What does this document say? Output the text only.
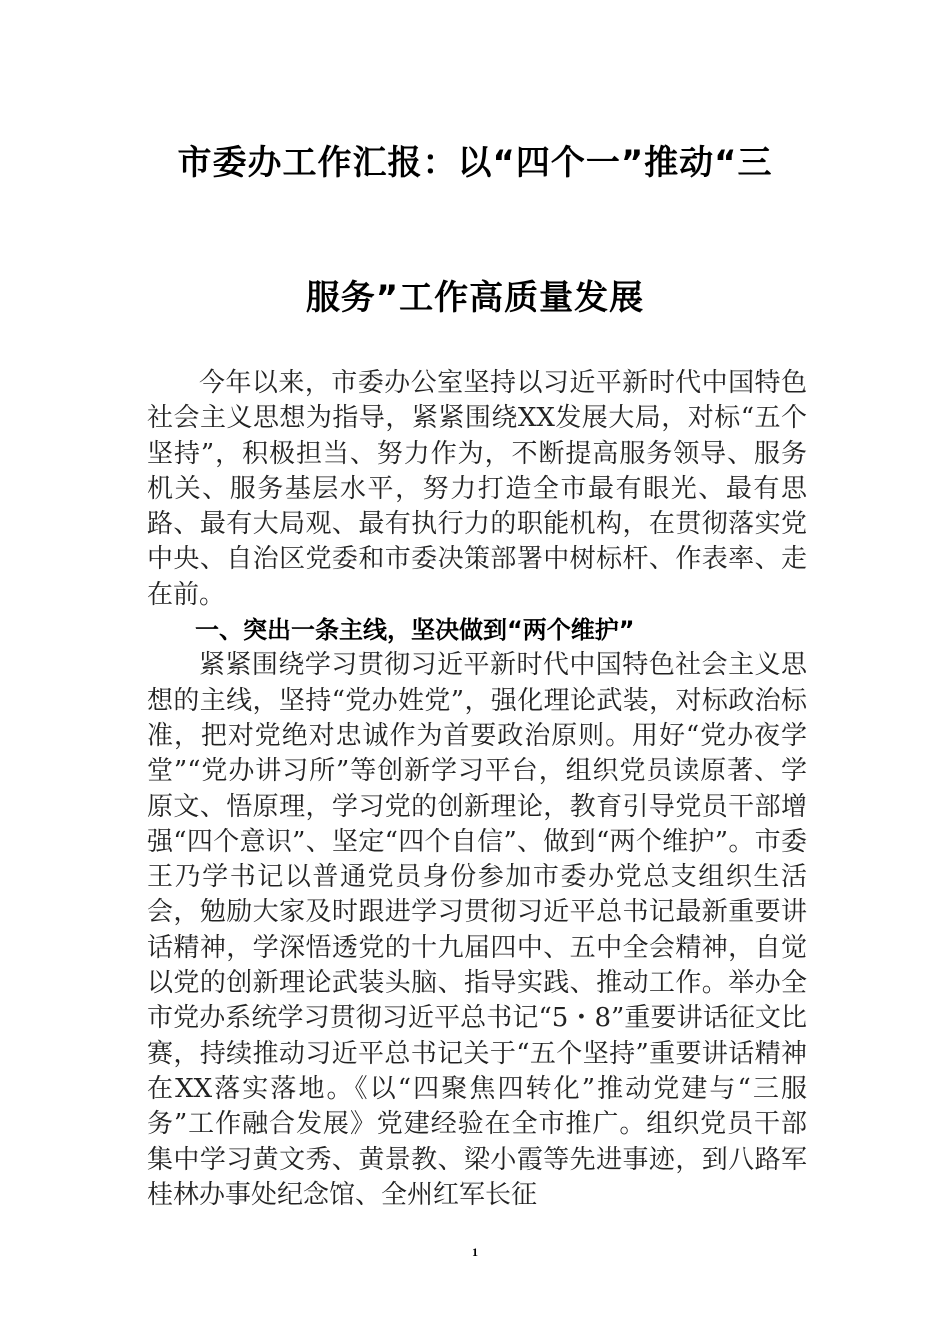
市委办工作汇报：以“四个一”推动“三
服务”工作高质量发展

今年以来，市委办公室坚持以习近平新时代中国特色社会主义思想为指导，紧紧围绕XX发展大局，对标“五个坚持”，积极担当、努力作为，不断提高服务领导、服务机关、服务基层水平，努力打造全市最有眼光、最有思路、最有大局观、最有执行力的职能机构，在贯彻落实党中央、自治区党委和市委决策部署中树标杆、作表率、走在前。

一、突出一条主线，坚决做到“两个维护”

紧紧围绕学习贯彻习近平新时代中国特色社会主义思想的主线，坚持“党办姓党”，强化理论武装，对标政治标准，把对党绝对忠诚作为首要政治原则。用好“党办夜学堂”“党办讲习所”等创新学习平台，组织党员读原著、学原文、悟原理，学习党的创新理论，教育引导党员干部增强“四个意识”、坚定“四个自信”、做到“两个维护”。市委王乃学书记以普通党员身份参加市委办党总支组织生活会，勉励大家及时跟进学习贯彻习近平总书记最新重要讲话精神，学深悟透党的十九届四中、五中全会精神，自觉以党的创新理论武装头脑、指导实践、推动工作。举办全市党办系统学习贯彻习近平总书记“5・8”重要讲话征文比赛，持续推动习近平总书记关于“五个坚持”重要讲话精神在XX落实落地。《以“四聚焦四转化”推动党建与“三服务”工作融合发展》党建经验在全市推广。组织党员干部集中学习黄文秀、黄景教、梁小霞等先进事迹，到八路军桂林办事处纪念馆、全州红军长征

1
